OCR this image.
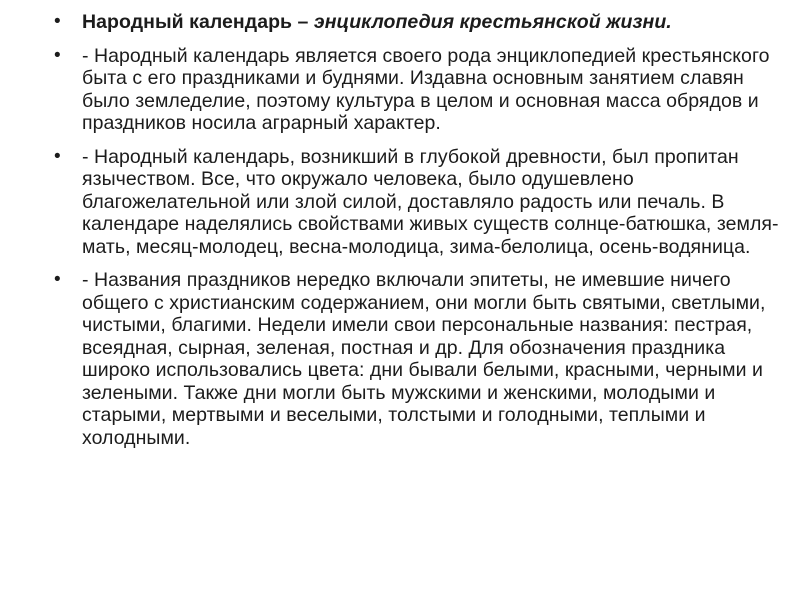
• Народный календарь – энциклопедия крестьянской жизни.
• - Народный календарь является своего рода энциклопедией крестьянского быта с его праздниками и буднями. Издавна основным занятием славян было земледелие, поэтому культура в целом и основная масса обрядов и праздников носила аграрный характер.
• - Народный календарь, возникший в глубокой древности, был пропитан язычеством. Все, что окружало человека, было одушевлено благожелательной или злой силой, доставляло радость или печаль. В календаре наделялись свойствами живых существ солнце-батюшка, земля-мать, месяц-молодец, весна-молодица, зима-белолица, осень-водяница.
• - Названия праздников нередко включали эпитеты, не имевшие ничего общего с христианским содержанием, они могли быть святыми, светлыми, чистыми, благими. Недели имели свои персональные названия: пестрая, всеядная, сырная, зеленая, постная и др. Для обозначения праздника широко использовались цвета: дни бывали белыми, красными, черными и зелеными. Также дни могли быть мужскими и женскими, молодыми и старыми, мертвыми и веселыми, толстыми и голодными, теплыми и холодными.
